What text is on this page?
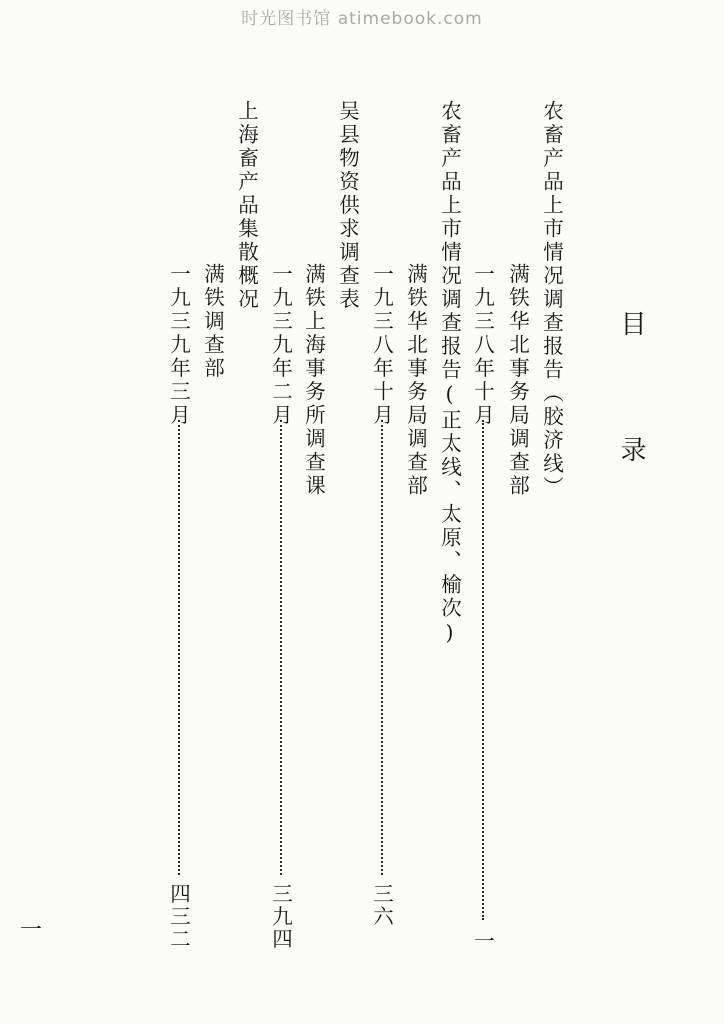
时光图书馆 atimebook.com
目
录
农畜产品上市情况调查报告（胶济线）
满铁华北事务局调查部
一九三八年十月
一
农畜产品上市情况调查报告(正太线、太原、榆次)
满铁华北事务局调查部
一九三八年十月
三六
吴县物资供求调查表
满铁上海事务所调查课
一九三九年二月
三九四
上海畜产品集散概况
满铁调查部
一九三九年三月
四三二
一
